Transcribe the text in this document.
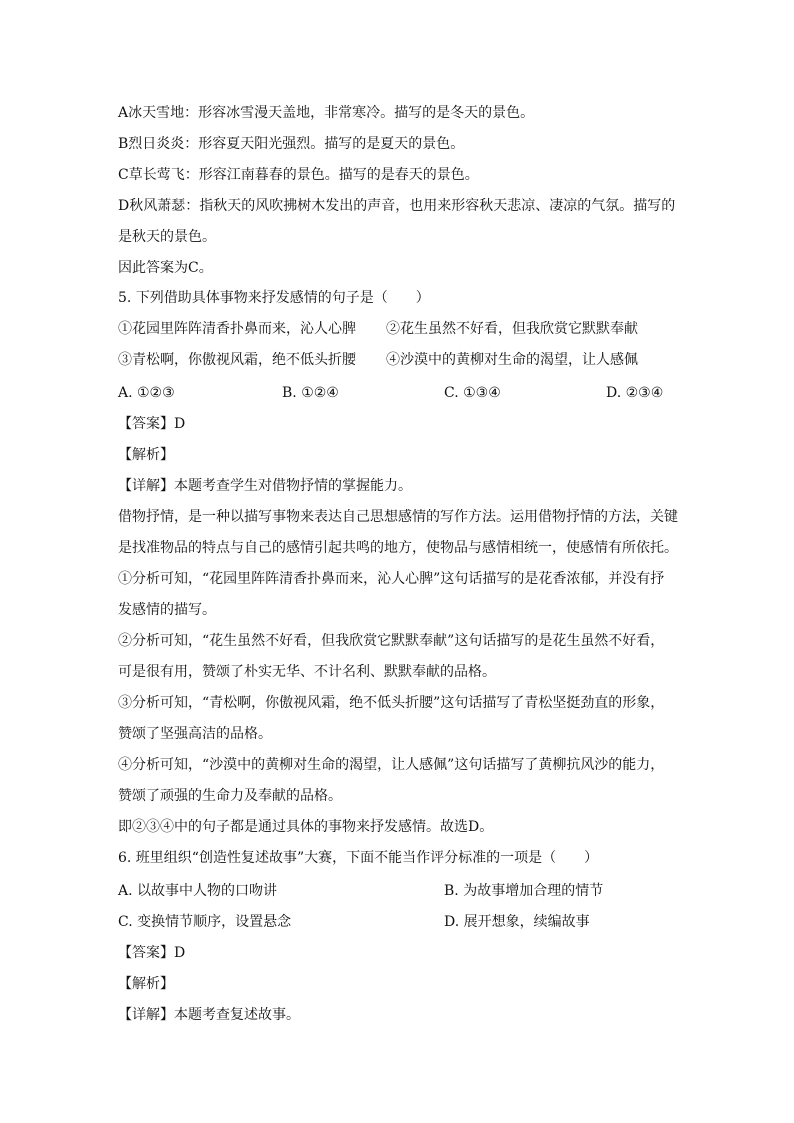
A冰天雪地：形容冰雪漫天盖地，非常寒冷。描写的是冬天的景色。
B烈日炎炎：形容夏天阳光强烈。描写的是夏天的景色。
C草长莺飞：形容江南暮春的景色。描写的是春天的景色。
D秋风萧瑟：指秋天的风吹拂树木发出的声音，也用来形容秋天悲凉、凄凉的气氛。描写的
是秋天的景色。
因此答案为C。
5. 下列借助具体事物来抒发感情的句子是（　　）
①花园里阵阵清香扑鼻而来，沁人心脾 ②花生虽然不好看，但我欣赏它默默奉献
③青松啊，你傲视风霜，绝不低头折腰 ④沙漠中的黄柳对生命的渴望，让人感佩
A. ①②③	B. ①②④	C. ①③④	D. ②③④
【答案】D
【解析】
【详解】本题考查学生对借物抒情的掌握能力。
借物抒情，是一种以描写事物来表达自己思想感情的写作方法。运用借物抒情的方法，关键
是找准物品的特点与自己的感情引起共鸣的地方，使物品与感情相统一，使感情有所依托。
①分析可知，“花园里阵阵清香扑鼻而来，沁人心脾”这句话描写的是花香浓郁，并没有抒
发感情的描写。
②分析可知，“花生虽然不好看，但我欣赏它默默奉献”这句话描写的是花生虽然不好看，
可是很有用，赞颂了朴实无华、不计名利、默默奉献的品格。
③分析可知，“青松啊，你傲视风霜，绝不低头折腰”这句话描写了青松坚挺劲直的形象，
赞颂了坚强高洁的品格。
④分析可知，“沙漠中的黄柳对生命的渴望，让人感佩”这句话描写了黄柳抗风沙的能力，
赞颂了顽强的生命力及奉献的品格。
即②③④中的句子都是通过具体的事物来抒发感情。故选D。
6. 班里组织“创造性复述故事”大赛，下面不能当作评分标准的一项是（　　）
A. 以故事中人物的口吻讲	B. 为故事增加合理的情节
C. 变换情节顺序，设置悬念	D. 展开想象，续编故事
【答案】D
【解析】
【详解】本题考查复述故事。
